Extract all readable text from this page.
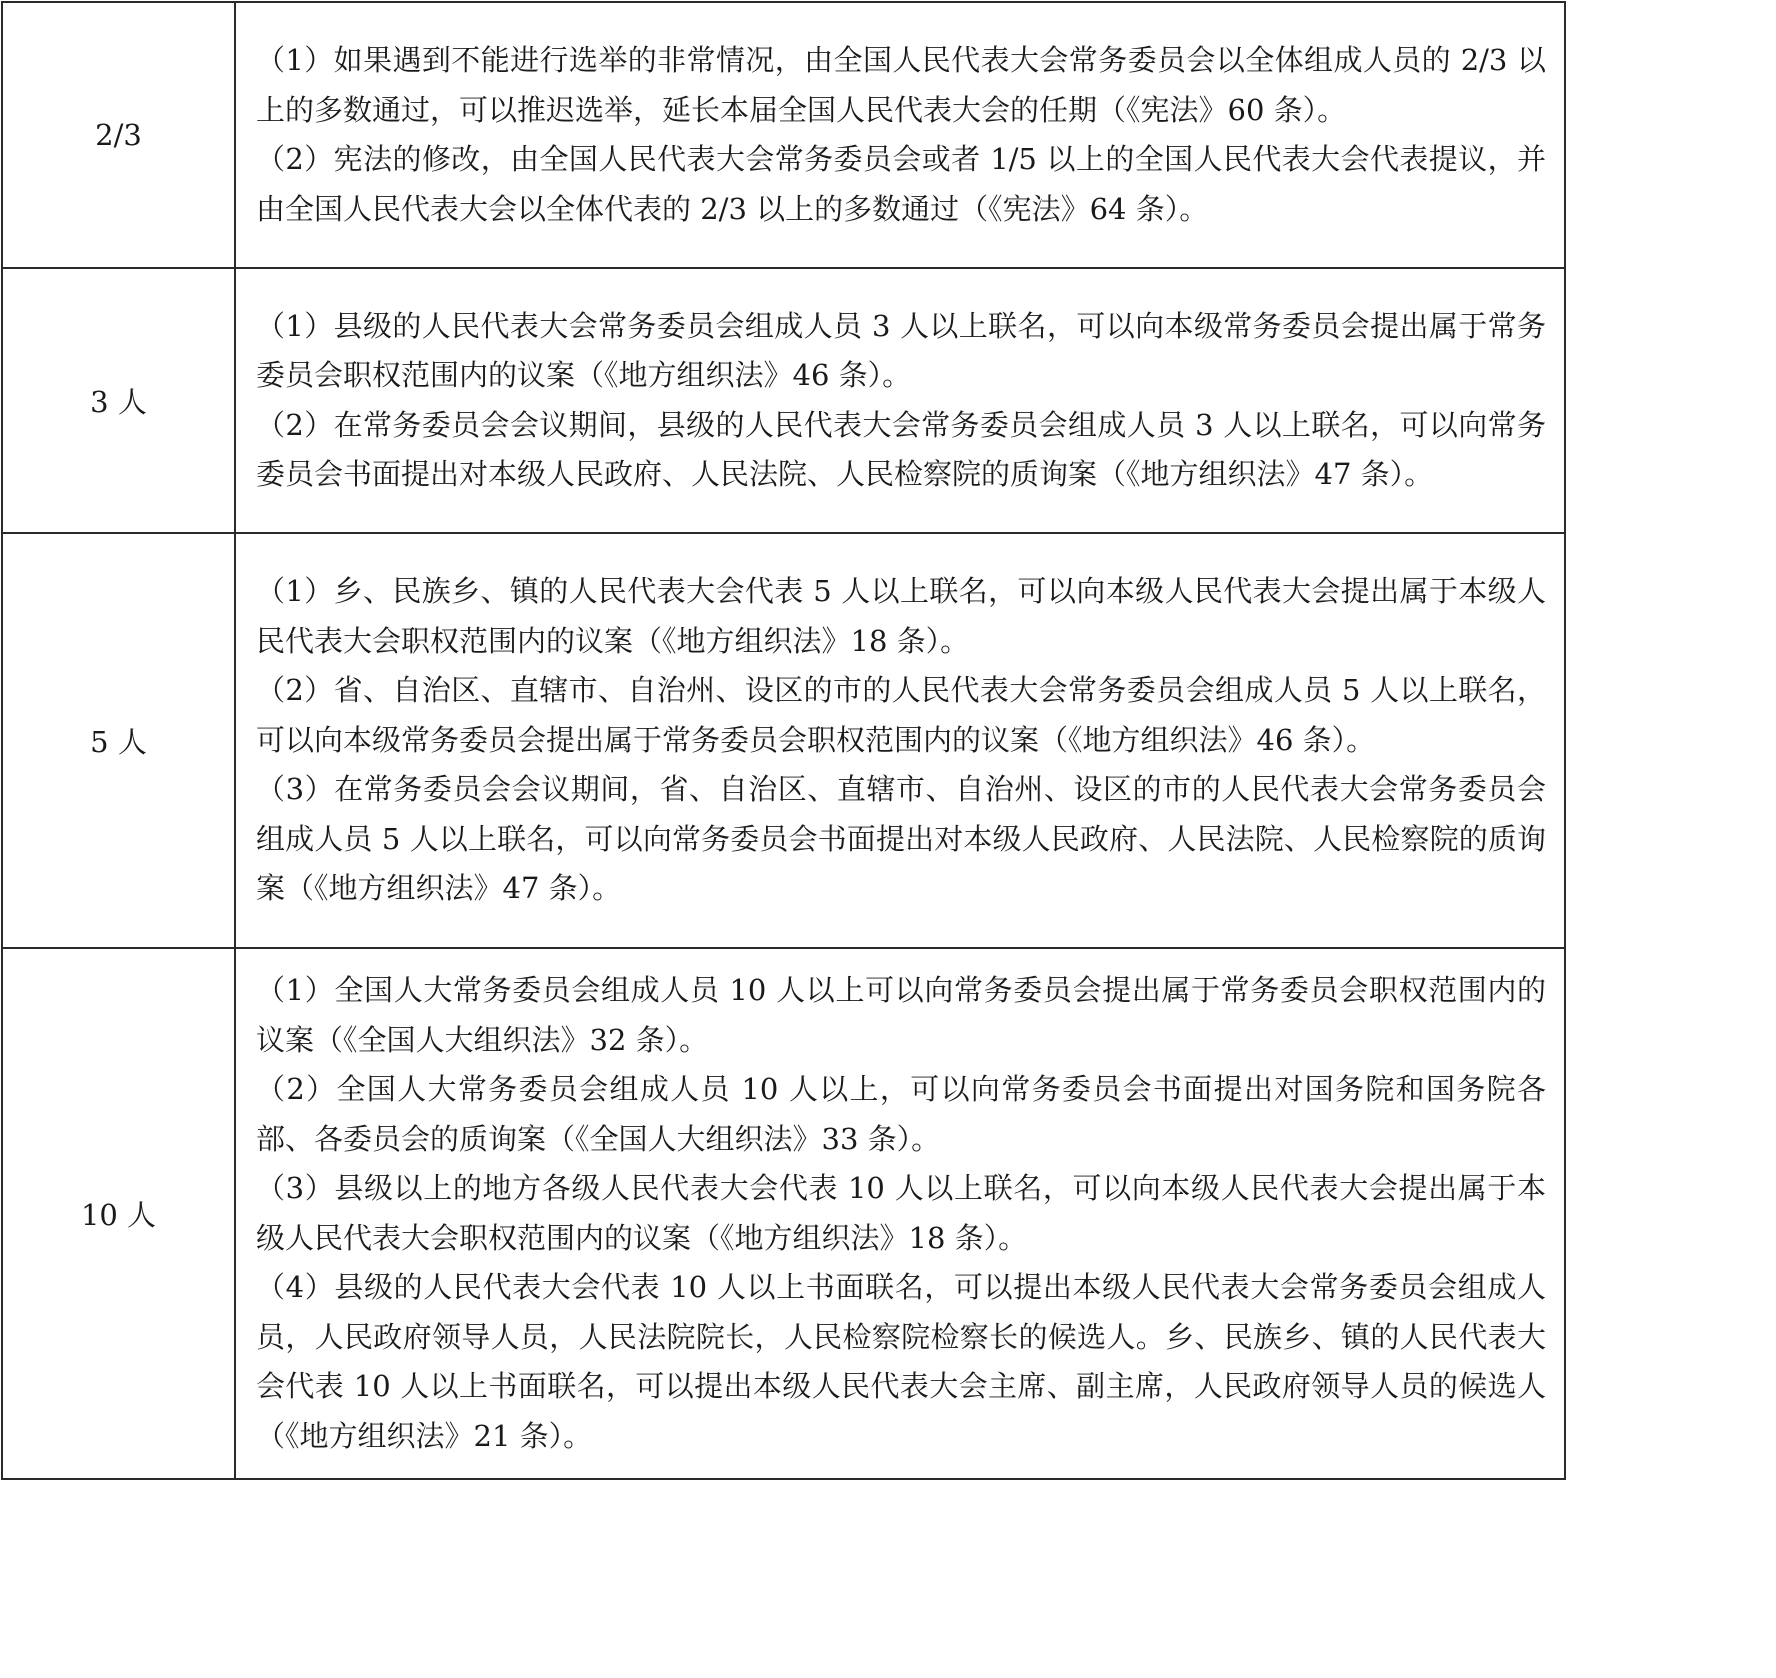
2/3	（1）如果遇到不能进行选举的非常情况，由全国人民代表大会常务委员会以全体组成人员的 2/3 以上的多数通过，可以推迟选举，延长本届全国人民代表大会的任期（《宪法》60 条）。

（2）宪法的修改，由全国人民代表大会常务委员会或者 1/5 以上的全国人民代表大会代表提议，并由全国人民代表大会以全体代表的 2/3 以上的多数通过（《宪法》64 条）。

3 人	（1）县级的人民代表大会常务委员会组成人员 3 人以上联名，可以向本级常务委员会提出属于常务委员会职权范围内的议案（《地方组织法》46 条）。

（2）在常务委员会会议期间，县级的人民代表大会常务委员会组成人员 3 人以上联名，可以向常务委员会书面提出对本级人民政府、人民法院、人民检察院的质询案（《地方组织法》47 条）。

5 人	（1）乡、民族乡、镇的人民代表大会代表 5 人以上联名，可以向本级人民代表大会提出属于本级人民代表大会职权范围内的议案（《地方组织法》18 条）。

（2）省、自治区、直辖市、自治州、设区的市的人民代表大会常务委员会组成人员 5 人以上联名，可以向本级常务委员会提出属于常务委员会职权范围内的议案（《地方组织法》46 条）。

（3）在常务委员会会议期间，省、自治区、直辖市、自治州、设区的市的人民代表大会常务委员会组成人员 5 人以上联名，可以向常务委员会书面提出对本级人民政府、人民法院、人民检察院的质询案（《地方组织法》47 条）。

10 人	（1）全国人大常务委员会组成人员 10 人以上可以向常务委员会提出属于常务委员会职权范围内的议案（《全国人大组织法》32 条）。

（2）全国人大常务委员会组成人员 10 人以上，可以向常务委员会书面提出对国务院和国务院各部、各委员会的质询案（《全国人大组织法》33 条）。

（3）县级以上的地方各级人民代表大会代表 10 人以上联名，可以向本级人民代表大会提出属于本级人民代表大会职权范围内的议案（《地方组织法》18 条）。

（4）县级的人民代表大会代表 10 人以上书面联名，可以提出本级人民代表大会常务委员会组成人员，人民政府领导人员，人民法院院长，人民检察院检察长的候选人。乡、民族乡、镇的人民代表大会代表 10 人以上书面联名，可以提出本级人民代表大会主席、副主席，人民政府领导人员的候选人（《地方组织法》21 条）。
